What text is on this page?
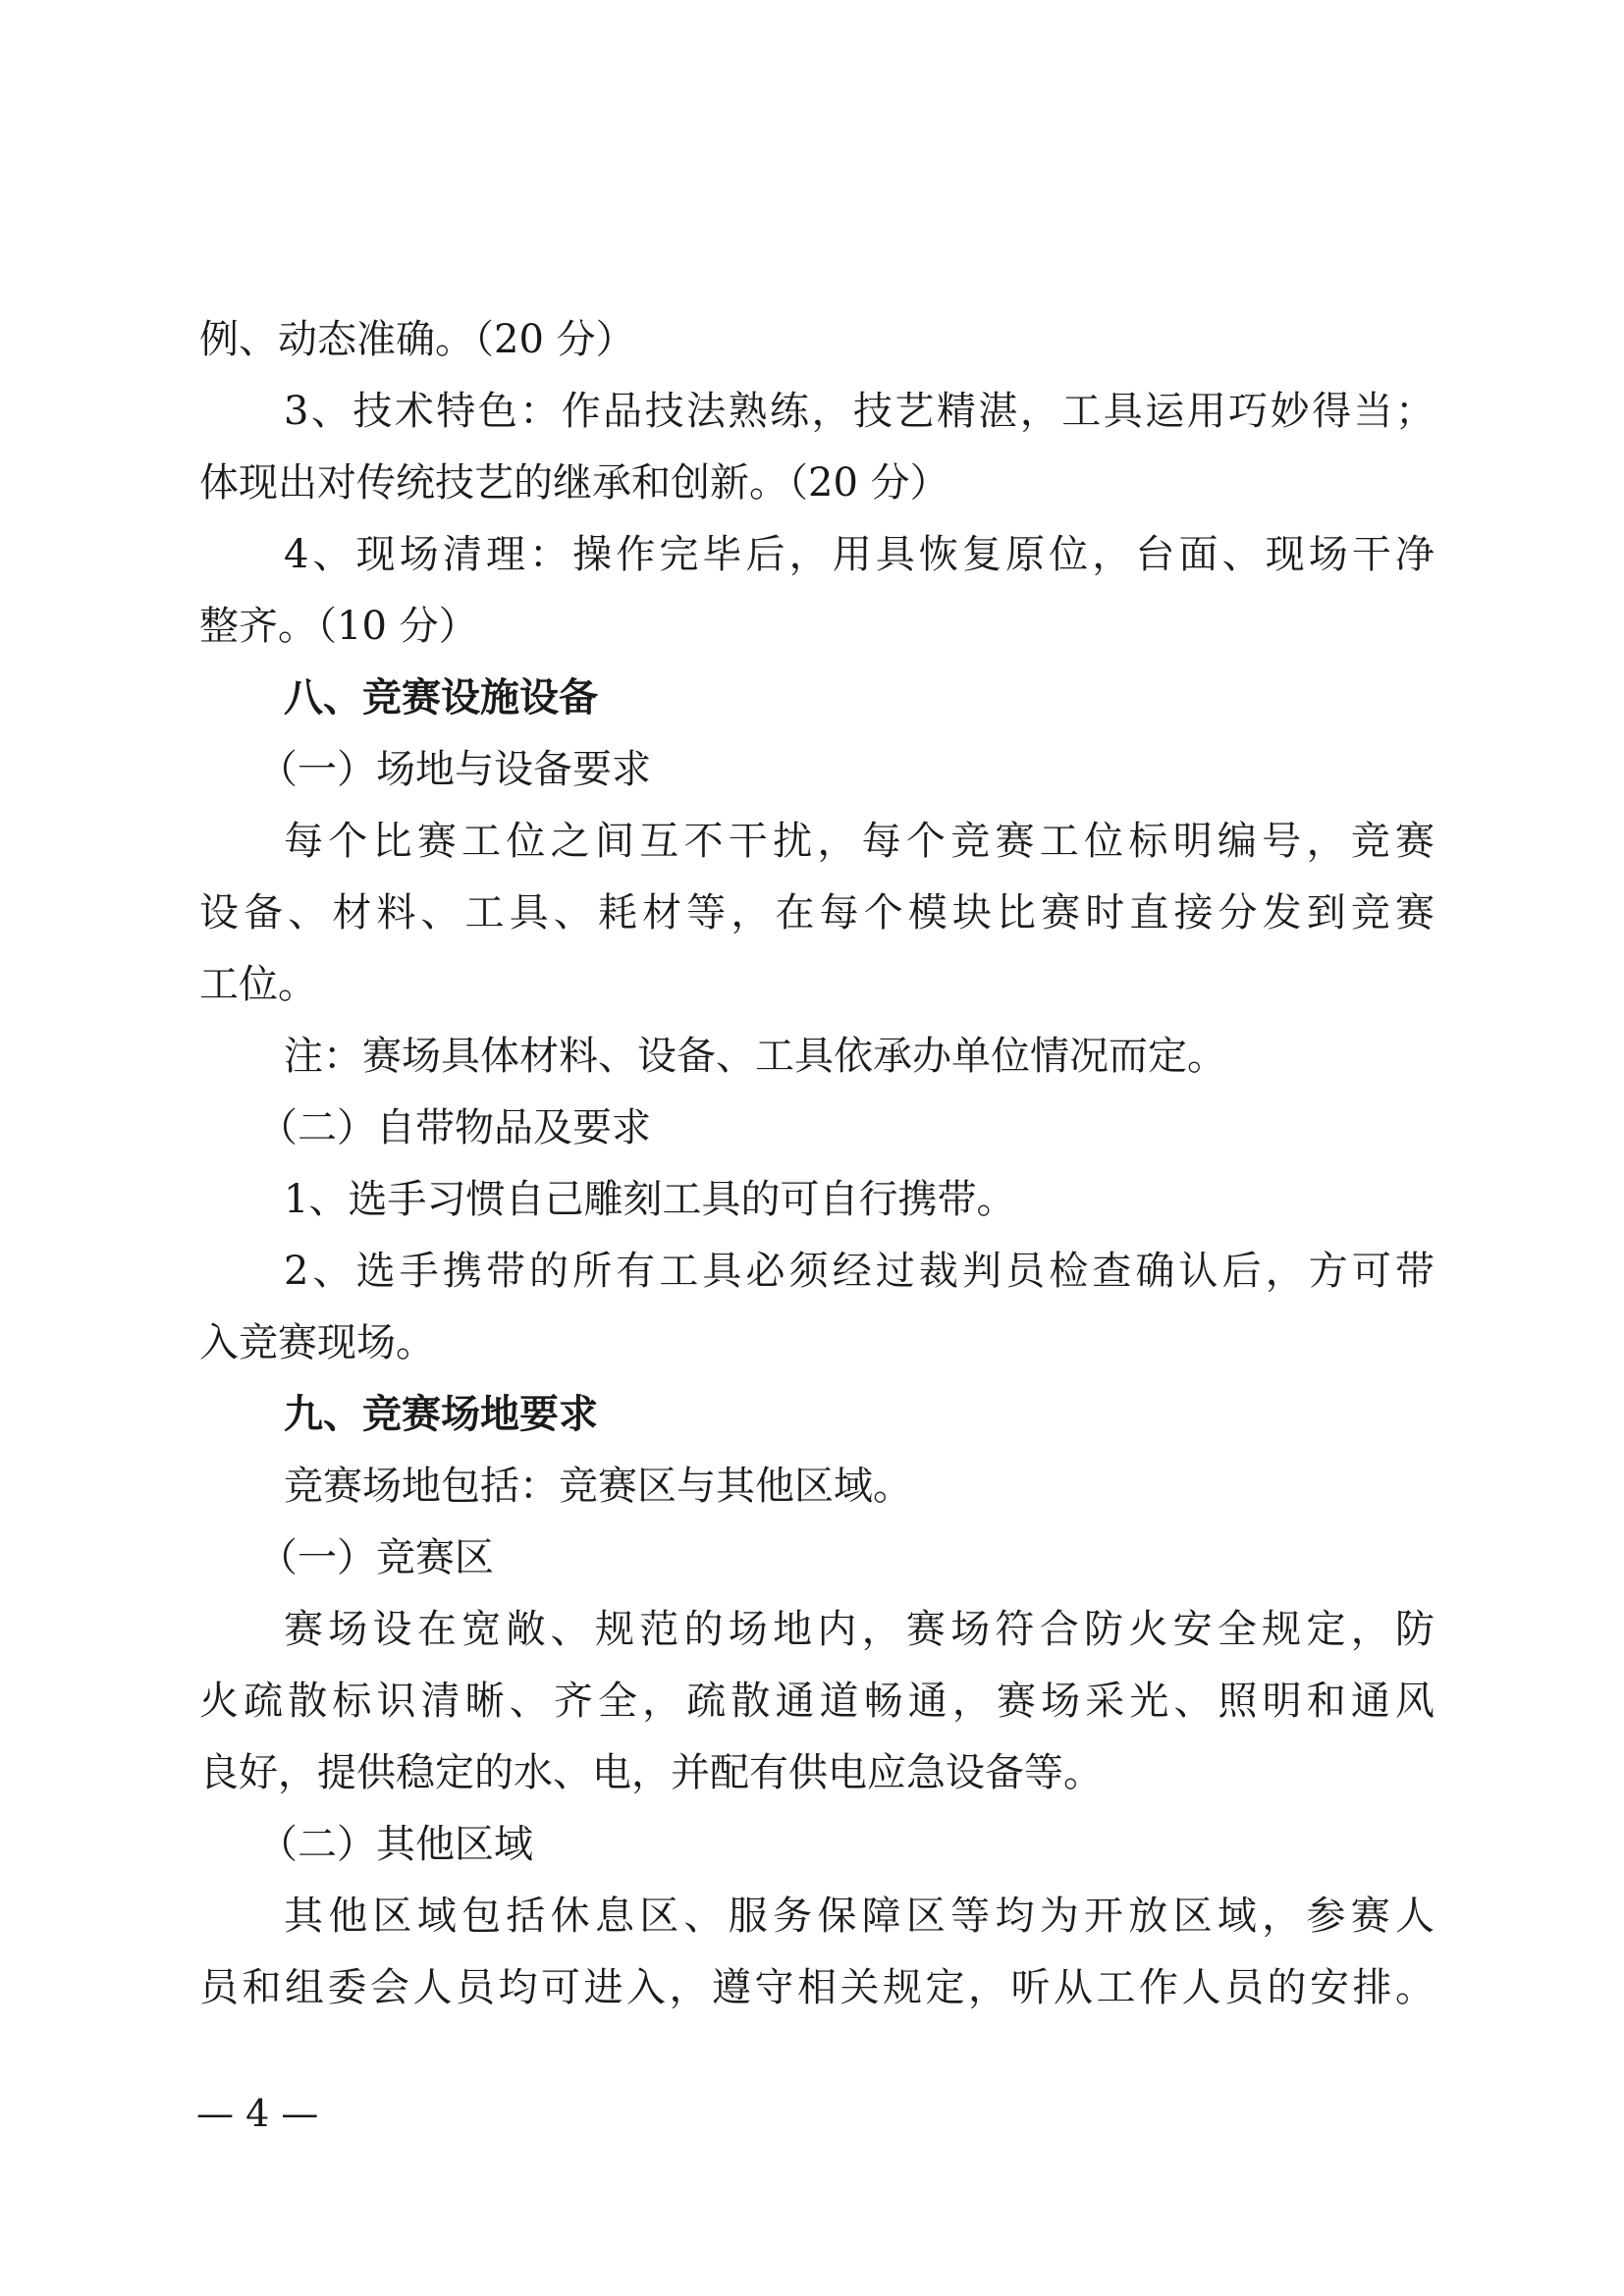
例、动态准确。（20 分）
3、技术特色：作品技法熟练，技艺精湛，工具运用巧妙得当；
体现出对传统技艺的继承和创新。（20 分）
4、现场清理：操作完毕后，用具恢复原位，台面、现场干净
整齐。（10 分）
八、竞赛设施设备
（一）场地与设备要求
每个比赛工位之间互不干扰，每个竞赛工位标明编号，竞赛
设备、材料、工具、耗材等，在每个模块比赛时直接分发到竞赛
工位。
注：赛场具体材料、设备、工具依承办单位情况而定。
（二）自带物品及要求
1、选手习惯自己雕刻工具的可自行携带。
2、选手携带的所有工具必须经过裁判员检查确认后，方可带
入竞赛现场。
九、竞赛场地要求
竞赛场地包括：竞赛区与其他区域。
（一）竞赛区
赛场设在宽敞、规范的场地内，赛场符合防火安全规定，防
火疏散标识清晰、齐全，疏散通道畅通，赛场采光、照明和通风
良好，提供稳定的水、电，并配有供电应急设备等。
（二）其他区域
其他区域包括休息区、服务保障区等均为开放区域，参赛人
员和组委会人员均可进入，遵守相关规定，听从工作人员的安排。
— 4 —
